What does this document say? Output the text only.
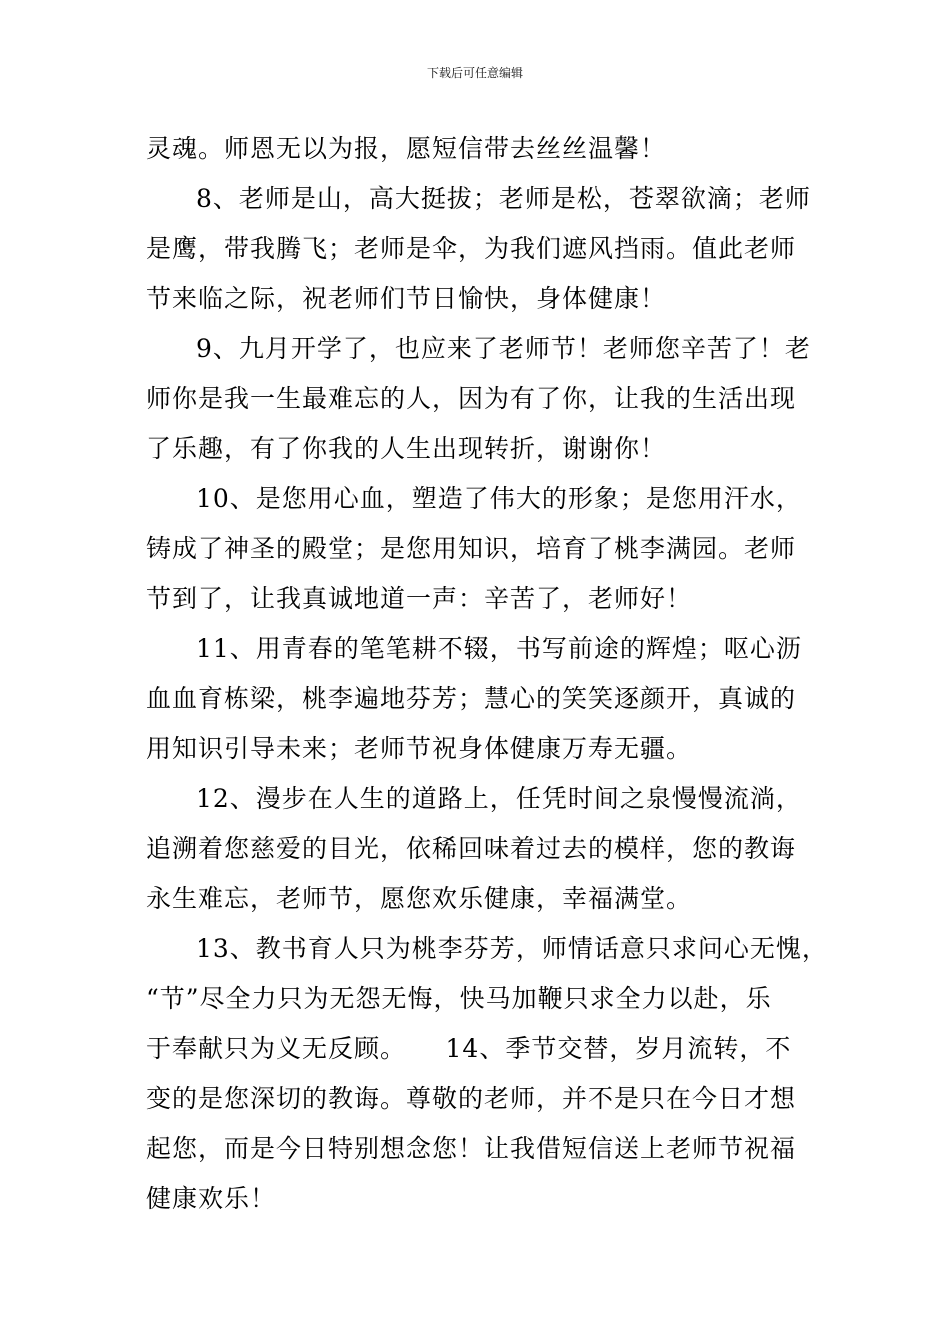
下载后可任意编辑
灵魂。师恩无以为报，愿短信带去丝丝温馨！
8、老师是山，高大挺拔；老师是松，苍翠欲滴；老师
是鹰，带我腾飞；老师是伞，为我们遮风挡雨。值此老师
节来临之际，祝老师们节日愉快，身体健康！
9、九月开学了，也应来了老师节！老师您辛苦了！老
师你是我一生最难忘的人，因为有了你，让我的生活出现
了乐趣，有了你我的人生出现转折，谢谢你！
10、是您用心血，塑造了伟大的形象；是您用汗水，
铸成了神圣的殿堂；是您用知识，培育了桃李满园。老师
节到了，让我真诚地道一声：辛苦了，老师好！
11、用青春的笔笔耕不辍，书写前途的辉煌；呕心沥
血血育栋梁，桃李遍地芬芳；慧心的笑笑逐颜开，真诚的
用知识引导未来；老师节祝身体健康万寿无疆。
12、漫步在人生的道路上，任凭时间之泉慢慢流淌，
追溯着您慈爱的目光，依稀回味着过去的模样，您的教诲
永生难忘，老师节，愿您欢乐健康，幸福满堂。
13、教书育人只为桃李芬芳，师情话意只求问心无愧，
“节”尽全力只为无怨无悔，快马加鞭只求全力以赴，乐
于奉献只为义无反顾。　　14、季节交替，岁月流转，不
变的是您深切的教诲。尊敬的老师，并不是只在今日才想
起您，而是今日特别想念您！让我借短信送上老师节祝福
健康欢乐！
